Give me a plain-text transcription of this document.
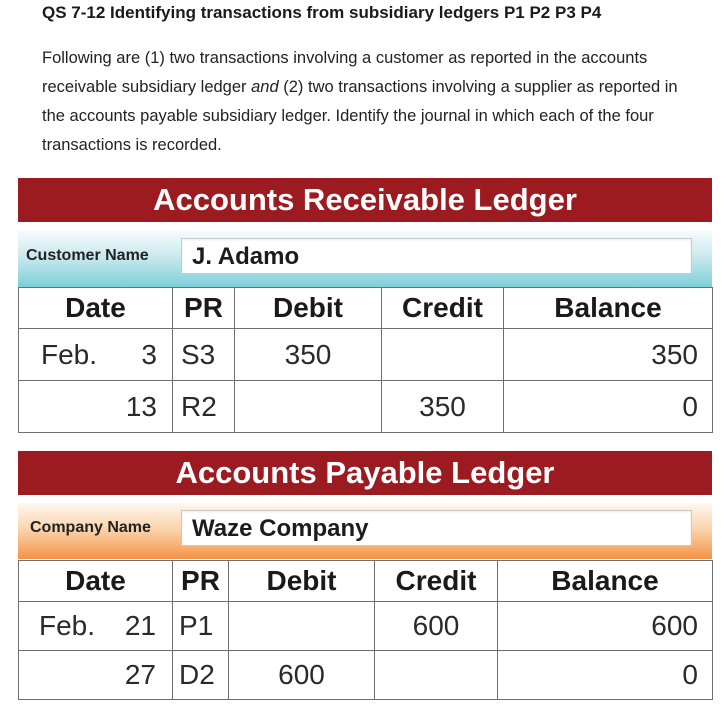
QS 7-12 Identifying transactions from subsidiary ledgers P1 P2 P3 P4
Following are (1) two transactions involving a customer as reported in the accounts receivable subsidiary ledger and (2) two transactions involving a supplier as reported in the accounts payable subsidiary ledger. Identify the journal in which each of the four transactions is recorded.
Accounts Receivable Ledger
Customer Name J. Adamo
Date	PR	Debit	Credit	Balance

Feb. 3	S3	350		350

13	R2		350	0
Accounts Payable Ledger
Company Name Waze Company
Date	PR	Debit	Credit	Balance

Feb. 21	P1		600	600

27	D2	600		0
